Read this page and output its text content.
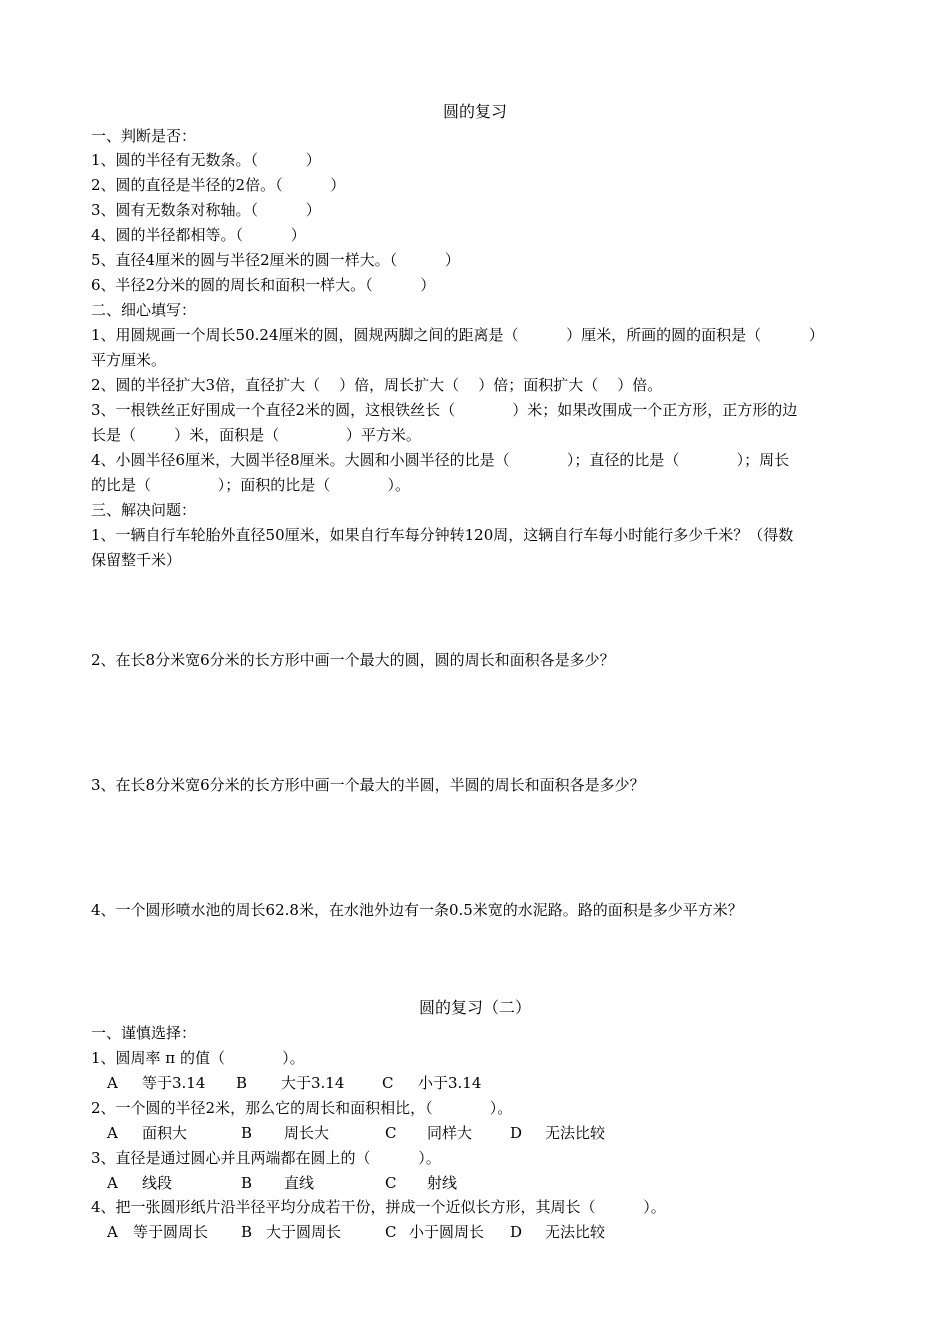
圆的复习
一、判断是否：
1、圆的半径有无数条。（          ）
2、圆的直径是半径的2倍。（          ）
3、圆有无数条对称轴。（          ）
4、圆的半径都相等。（          ）
5、直径4厘米的圆与半径2厘米的圆一样大。（          ）
6、半径2分米的圆的周长和面积一样大。（          ）
二、细心填写：
1、用圆规画一个周长50.24厘米的圆，圆规两脚之间的距离是（          ）厘米，所画的圆的面积是（          ）
平方厘米。
2、圆的半径扩大3倍，直径扩大（    ）倍，周长扩大（    ）倍；面积扩大（    ）倍。
3、一根铁丝正好围成一个直径2米的圆，这根铁丝长（            ）米；如果改围成一个正方形，正方形的边
长是（        ）米，面积是（              ）平方米。
4、小圆半径6厘米，大圆半径8厘米。大圆和小圆半径的比是（            ）；直径的比是（            ）；周长
的比是（              ）；面积的比是（            ）。
三、解决问题：
1、一辆自行车轮胎外直径50厘米，如果自行车每分钟转120周，这辆自行车每小时能行多少千米？（得数
保留整千米）
2、在长8分米宽6分米的长方形中画一个最大的圆，圆的周长和面积各是多少？
3、在长8分米宽6分米的长方形中画一个最大的半圆，半圆的周长和面积各是多少？
4、一个圆形喷水池的周长62.8米，在水池外边有一条0.5米宽的水泥路。路的面积是多少平方米？
圆的复习（二）
一、谨慎选择：
1、圆周率 π 的值（            ）。
A 等于3.14 B 大于3.14	C 小于3.14
2、一个圆的半径2米，那么它的周长和面积相比，（            ）。
A 面积大	B 周长大	C 同样大	D 无法比较
3、直径是通过圆心并且两端都在圆上的（          ）。
A 线段	B 直线	C 射线
4、把一张圆形纸片沿半径平均分成若干份，拼成一个近似长方形，其周长（          ）。
A 等于圆周长 B 大于圆周长	C 小于圆周长 D 无法比较
